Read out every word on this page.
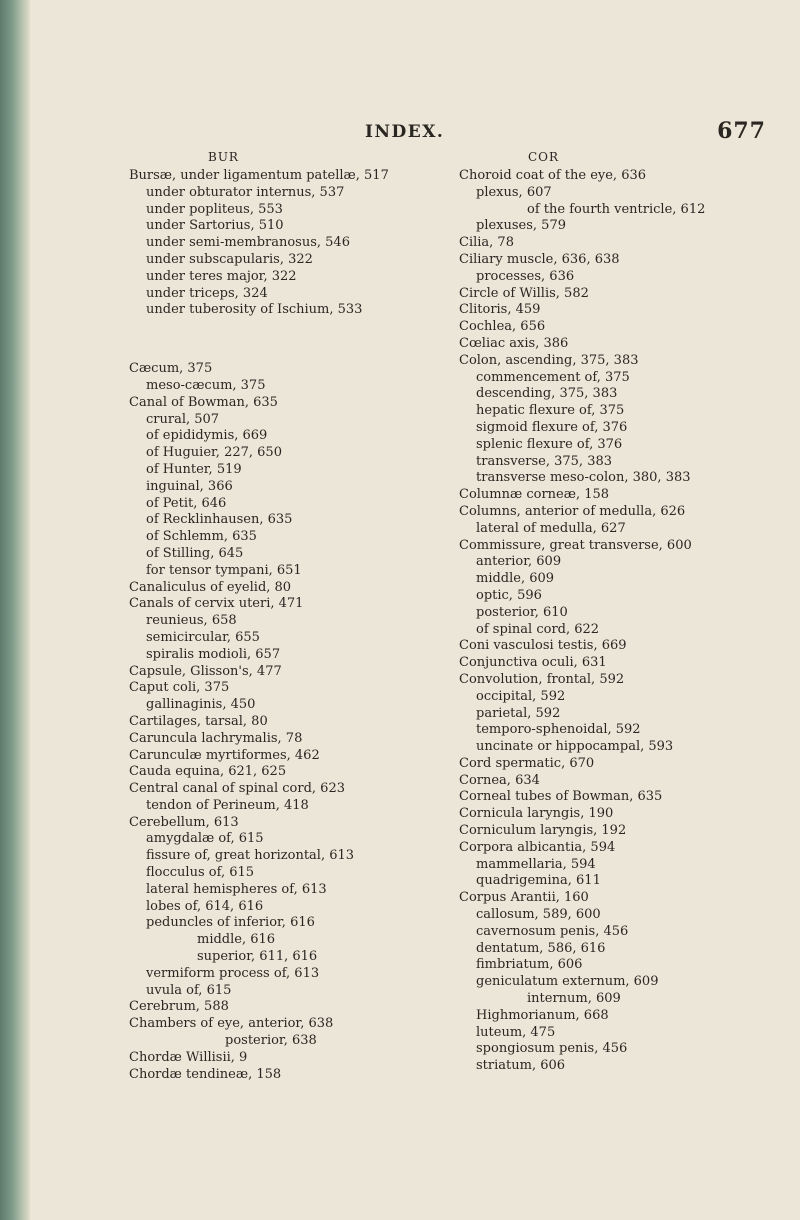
INDEX.	677
BUR	COR
Bursæ, under ligamentum patellæ, 517
under obturator internus, 537
under popliteus, 553
under Sartorius, 510
under semi-membranosus, 546
under subscapularis, 322
under teres major, 322
under triceps, 324
under tuberosity of Ischium, 533
Cæcum, 375
meso-cæcum, 375
Canal of Bowman, 635
crural, 507
of epididymis, 669
of Huguier, 227, 650
of Hunter, 519
inguinal, 366
of Petit, 646
of Recklinhausen, 635
of Schlemm, 635
of Stilling, 645
for tensor tympani, 651
Canaliculus of eyelid, 80
Canals of cervix uteri, 471
reunieus, 658
semicircular, 655
spiralis modioli, 657
Capsule, Glisson's, 477
Caput coli, 375
gallinaginis, 450
Cartilages, tarsal, 80
Caruncula lachrymalis, 78
Carunculæ myrtiformes, 462
Cauda equina, 621, 625
Central canal of spinal cord, 623
tendon of Perineum, 418
Cerebellum, 613
amygdalæ of, 615
fissure of, great horizontal, 613
flocculus of, 615
lateral hemispheres of, 613
lobes of, 614, 616
peduncles of inferior, 616
middle, 616
superior, 611, 616
vermiform process of, 613
uvula of, 615
Cerebrum, 588
Chambers of eye, anterior, 638
posterior, 638
Chordæ Willisii, 9
Chordæ tendineæ, 158
Choroid coat of the eye, 636
plexus, 607
of the fourth ventricle, 612
plexuses, 579
Cilia, 78
Ciliary muscle, 636, 638
processes, 636
Circle of Willis, 582
Clitoris, 459
Cochlea, 656
Cœliac axis, 386
Colon, ascending, 375, 383
commencement of, 375
descending, 375, 383
hepatic flexure of, 375
sigmoid flexure of, 376
splenic flexure of, 376
transverse, 375, 383
transverse meso-colon, 380, 383
Columnæ corneæ, 158
Columns, anterior of medulla, 626
lateral of medulla, 627
Commissure, great transverse, 600
anterior, 609
middle, 609
optic, 596
posterior, 610
of spinal cord, 622
Coni vasculosi testis, 669
Conjunctiva oculi, 631
Convolution, frontal, 592
occipital, 592
parietal, 592
temporo-sphenoidal, 592
uncinate or hippocampal, 593
Cord spermatic, 670
Cornea, 634
Corneal tubes of Bowman, 635
Cornicula laryngis, 190
Corniculum laryngis, 192
Corpora albicantia, 594
mammellaria, 594
quadrigemina, 611
Corpus Arantii, 160
callosum, 589, 600
cavernosum penis, 456
dentatum, 586, 616
fimbriatum, 606
geniculatum externum, 609
internum, 609
Highmorianum, 668
luteum, 475
spongiosum penis, 456
striatum, 606
